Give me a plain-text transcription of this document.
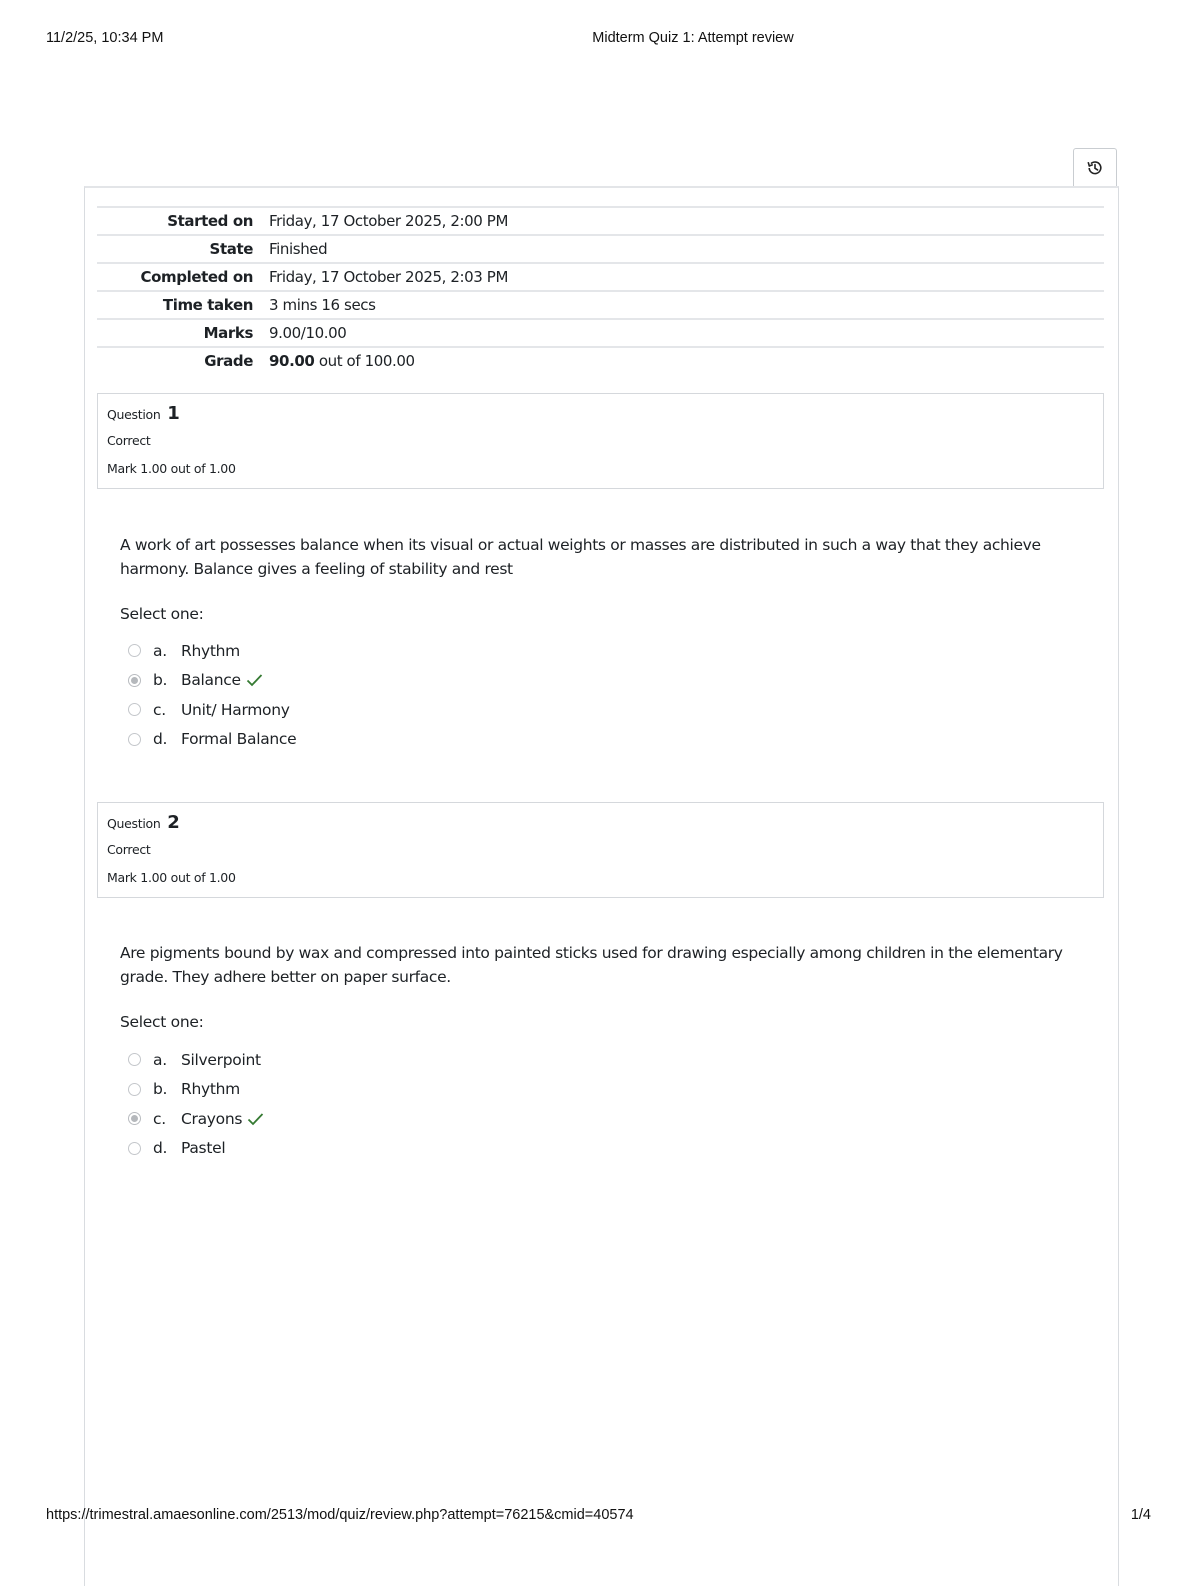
11/2/25, 10:34 PM	Midterm Quiz 1: Attempt review
Started on	Friday, 17 October 2025, 2:00 PM
State	Finished
Completed on	Friday, 17 October 2025, 2:03 PM
Time taken	3 mins 16 secs
Marks	9.00/10.00
Grade	90.00 out of 100.00
Question 1
Correct
Mark 1.00 out of 1.00
A work of art possesses balance when its visual or actual weights or masses are distributed in such a way that they achieve harmony. Balance gives a feeling of stability and rest
Select one:
a. Rhythm
b. Balance
c. Unit/ Harmony
d. Formal Balance
Question 2
Correct
Mark 1.00 out of 1.00
Are pigments bound by wax and compressed into painted sticks used for drawing especially among children in the elementary grade. They adhere better on paper surface.
Select one:
a. Silverpoint
b. Rhythm
c. Crayons
d. Pastel
https://trimestral.amaesonline.com/2513/mod/quiz/review.php?attempt=76215&cmid=40574	1/4
